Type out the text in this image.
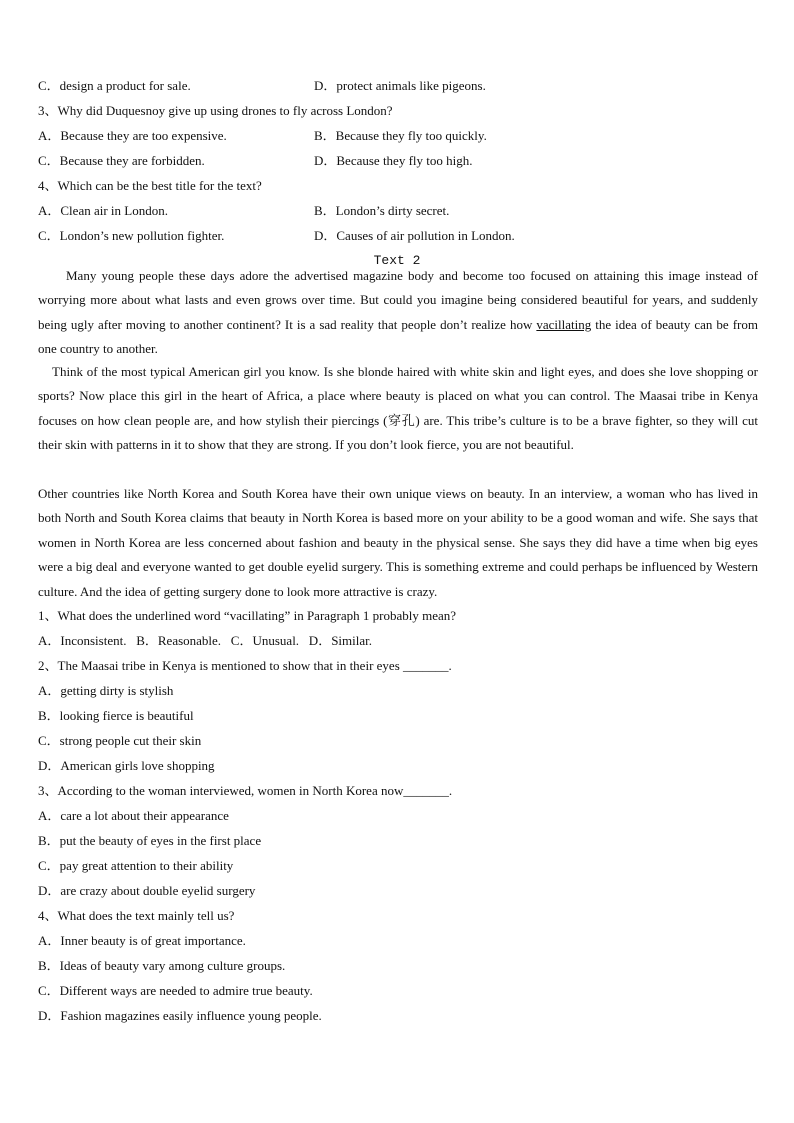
C．design a product for sale.	D．protect animals like pigeons.
3、Why did Duquesnoy give up using drones to fly across London?
A．Because they are too expensive.	B．Because they fly too quickly.
C．Because they are forbidden.	D．Because they fly too high.
4、Which can be the best title for the text?
A．Clean air in London.	B．London’s dirty secret.
C．London’s new pollution fighter.	D．Causes of air pollution in London.
Text 2

Many young people these days adore the advertised magazine body and become too focused on attaining this image instead of worrying more about what lasts and even grows over time. But could you imagine being considered beautiful for years, and suddenly being ugly after moving to another continent? It is a sad reality that people don’t realize how vacillating the idea of beauty can be from one country to another.

Think of the most typical American girl you know. Is she blonde haired with white skin and light eyes, and does she love shopping or sports? Now place this girl in the heart of Africa, a place where beauty is placed on what you can control. The Maasai tribe in Kenya focuses on how clean people are, and how stylish their piercings (穿孔) are. This tribe’s culture is to be a brave fighter, so they will cut their skin with patterns in it to show that they are strong. If you don’t look fierce, you are not beautiful.

Other countries like North Korea and South Korea have their own unique views on beauty. In an interview, a woman who has lived in both North and South Korea claims that beauty in North Korea is based more on your ability to be a good woman and wife. She says that women in North Korea are less concerned about fashion and beauty in the physical sense. She says they did have a time when big eyes were a big deal and everyone wanted to get double eyelid surgery. This is something extreme and could perhaps be influenced by Western culture. And the idea of getting surgery done to look more attractive is crazy.

1、What does the underlined word “vacillating” in Paragraph 1 probably mean?
A．Inconsistent.   B．Reasonable.   C．Unusual.   D．Similar.
2、The Maasai tribe in Kenya is mentioned to show that in their eyes _______.
A．getting dirty is stylish
B．looking fierce is beautiful
C．strong people cut their skin
D．American girls love shopping
3、According to the woman interviewed, women in North Korea now_______.
A．care a lot about their appearance
B．put the beauty of eyes in the first place
C．pay great attention to their ability
D．are crazy about double eyelid surgery
4、What does the text mainly tell us?
A．Inner beauty is of great importance.
B．Ideas of beauty vary among culture groups.
C．Different ways are needed to admire true beauty.
D．Fashion magazines easily influence young people.
